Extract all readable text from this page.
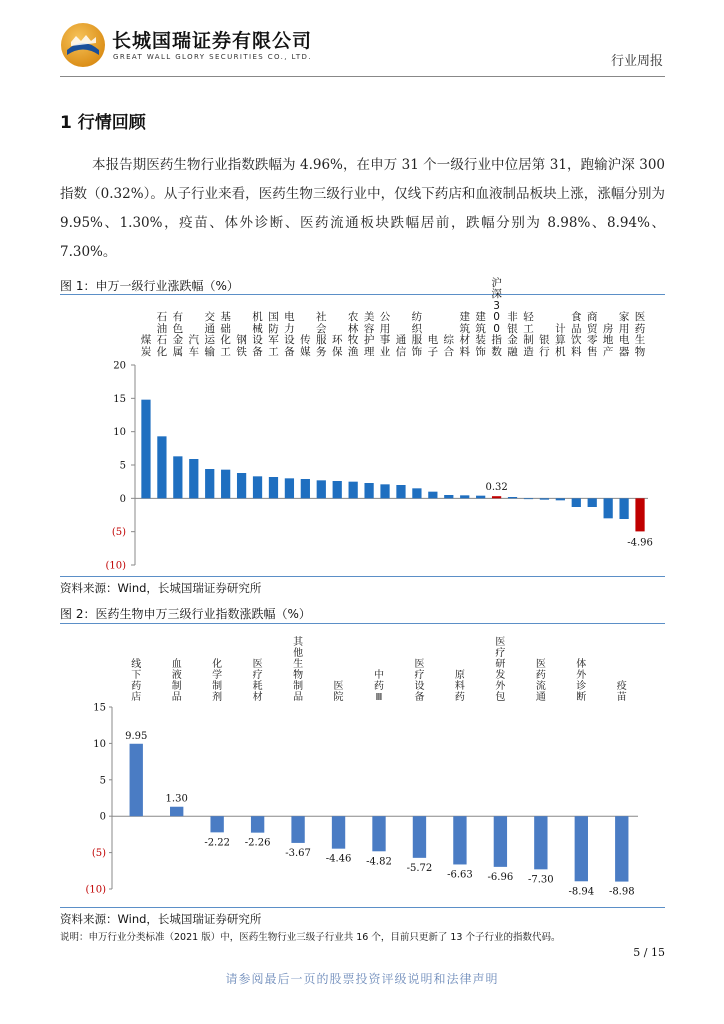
长城国瑞证券有限公司
GREAT WALL GLORY SECURITIES CO., LTD.	行业周报
1 行情回顾
本报告期医药生物行业指数跌幅为 4.96%，在申万 31 个一级行业中位居第 31，跑输沪深 300 指数（0.32%）。从子行业来看，医药生物三级行业中，仅线下药店和血液制品板块上涨，涨幅分别为 9.95%、1.30%，疫苗、体外诊断、医药流通板块跌幅居前，跌幅分别为 8.98%、8.94%、7.30%。
图 1：申万一级行业涨跌幅（%）
煤炭
石油石化
有色金属
汽车
交通运输
基础化工
钢铁
机械设备
国防军工
电力设备
传媒
社会服务
环保
农林牧渔
美容护理
公用事业
通信
纺织服饰
电子
综合
建筑材料
建筑装饰
沪深300指数
非银金融
轻工制造
银行
计算机
食品饮料
商贸零售
房地产
家用电器
医药生物
20
15
10
5
0
(5)
(10)
0.32
-4.96
资料来源：Wind，长城国瑞证券研究所
图 2：医药生物申万三级行业指数涨跌幅（%）
线下药店
血液制品
化学制剂
医疗耗材
其他生物制品
医院
中药Ⅲ
医疗设备
原料药
医疗研发外包
医药流通
体外诊断
疫苗
15
10
5
0
(5)
(10)
9.95
1.30
-2.22 -2.26
-3.67
-4.46 -4.82
-5.72
-6.63 -6.96 -7.30
-8.94 -8.98
资料来源：Wind，长城国瑞证券研究所
说明：申万行业分类标准（2021 版）中，医药生物行业三级子行业共 16 个，目前只更新了 13 个子行业的指数代码。
5 / 15
请参阅最后一页的股票投资评级说明和法律声明
